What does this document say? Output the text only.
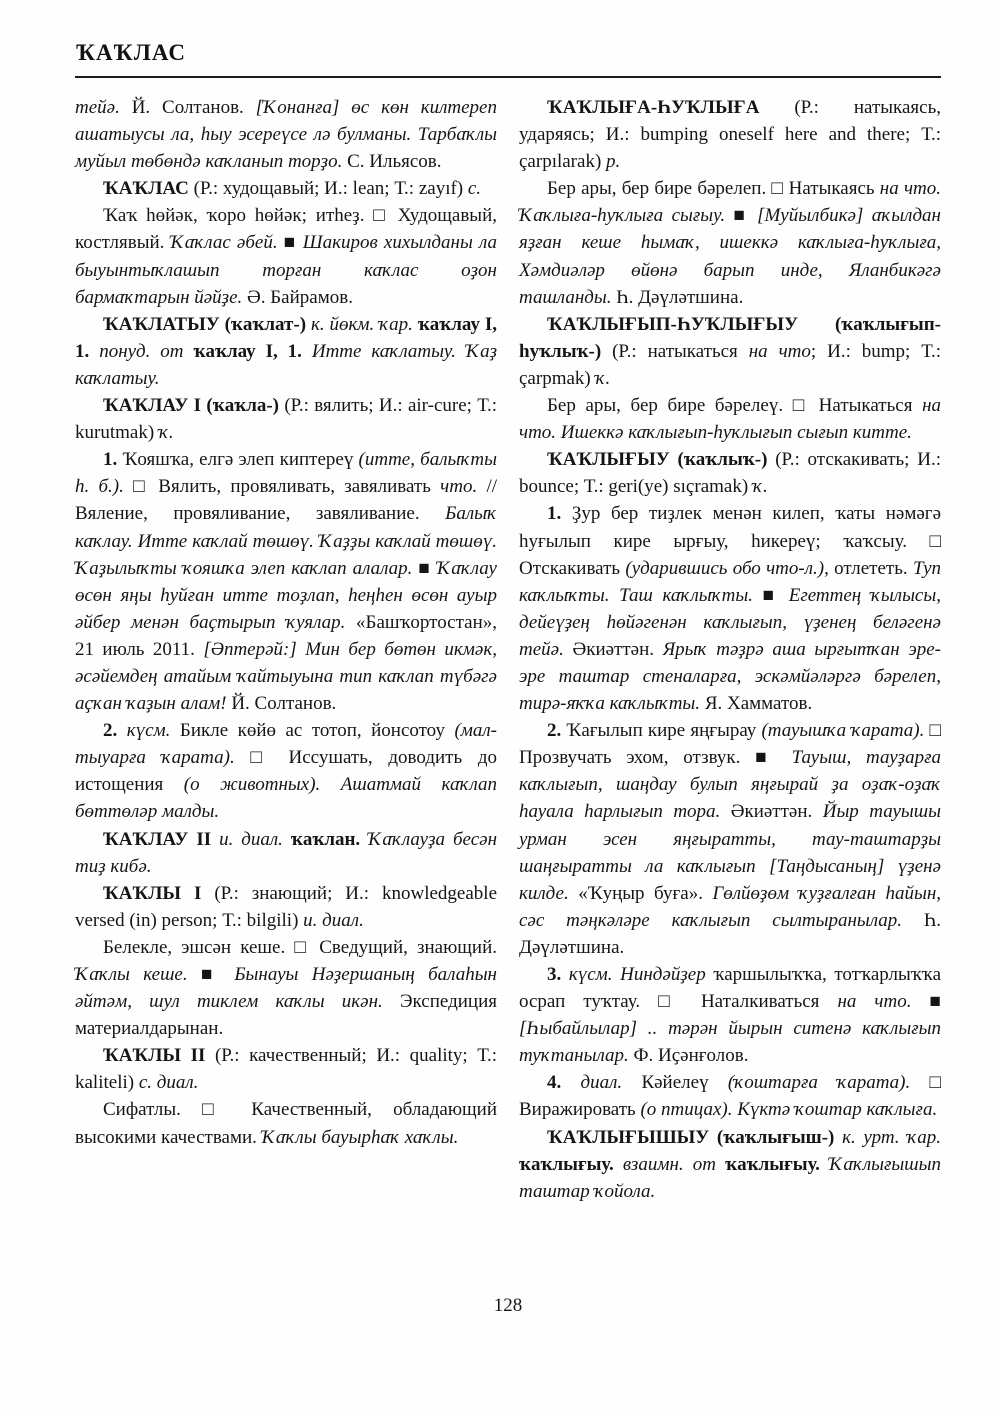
ҠАҠЛАС

тейә. Й. Солтанов. [Ҡонанға] өс көн килтереп ашатыусы ла, һыу эсереүсе лә булманы. Тарбаҡлы муйыл төбөндә каҡланып торҙо. С. Ильясов.

ҠАҠЛАС (Р.: худощавый; И.: lean; Т.: zayıf) с.

Ҡаҡ һөйәк, ҡоро һөйәк; итһеҙ. □ Худощавый, костлявый. Ҡаҡлас әбей. ■ Шакиров хихылданы ла быуынтыҡлашып торған каҡлас оҙон бармаҡтарын йәйҙе. Ә. Байрамов.

ҠАҠЛАТЫУ (ҡаҡлат-) к. йөкм. ҡар. ҡаҡлау I, 1. понуд. от ҡаҡлау I, 1. Итте каҡлатыу. Ҡаҙ каҡлатыу.

ҠАҠЛАУ I (ҡаҡла-) (Р.: вялить; И.: air-cure; Т.: kurutmak) ҡ.

1. Ҡояшҡа, елгә элеп киптереү (итте, балыҡты һ. б.). □ Вялить, провяливать, завяливать что. // Вяление, провяливание, завяливание. Балыҡ каҡлау. Итте каҡлай төшөү. Ҡаҙҙы каҡлай төшөү. Ҡаҙылыҡты ҡояшҡа элеп каҡлап алалар. ■ Ҡаҡлау өсөн яңы һуйған итте тоҙлап, һеңһен өсөн ауыр әйбер менән баҫтырып ҡуялар. «Башҡортостан», 21 июль 2011. [Әптерәй:] Мин бер бөтөн икмәк, әсәйемдең атайым ҡайтыуына тип каҡлап түбәгә аҫҡан ҡаҙын алам! Й. Солтанов.

2. күсм. Бикле көйө ас тотоп, йонсотоу (мал-тыуарға ҡарата). □ Иссушать, доводить до истощения (о животных). Ашатмай каҡлап бөттөләр малды.

ҠАҠЛАУ II и. диал. ҡаҡлан. Ҡаҡлауҙа бесән тиҙ кибә.

ҠАҠЛЫ I (Р.: знающий; И.: knowledgeable versed (in) person; Т.: bilgili) и. диал.

Белекле, эшсән кеше. □ Сведущий, знающий. Ҡаҡлы кеше. ■ Бынауы Нәҙершаның балаһын әйтәм, шул тиклем каҡлы икән. Экспедиция материалдарынан.

ҠАҠЛЫ II (Р.: качественный; И.: quality; Т.: kaliteli) с. диал.

Сифатлы. □ Качественный, обладающий высокими качествами. Ҡаҡлы бауырһаҡ хаҡлы.

ҠАҠЛЫҒА-ҺУҠЛЫҒА (Р.: натыкаясь, ударяясь; И.: bumping oneself here and there; Т.: çarpılarak) р.

Бер ары, бер бире бәрелеп. □ Натыкаясь на что. Ҡаҡлыға-һуҡлыға сығыу. ■ [Муйылбикә] аҡылдан яҙған кеше һымаҡ, ишеккә каҡлыға-һуҡлыға, Хәмдиәләр өйөнә барып инде, Яланбикәгә ташланды. Һ. Дәүләтшина.

ҠАҠЛЫҒЫП-ҺУҠЛЫҒЫУ (ҡаҡлығып-һуҡлыҡ-) (Р.: натыкаться на что; И.: bump; Т.: çarpmak) ҡ.

Бер ары, бер бире бәрелеү. □ Натыкаться на что. Ишеккә каҡлығып-һуҡлығып сығып китте.

ҠАҠЛЫҒЫУ (ҡаҡлыҡ-) (Р.: отскакивать; И.: bounce; Т.: geri(ye) sıçramak) ҡ.

1. Ҙур бер тиҙлек менән килеп, ҡаты нәмәгә һуғылып кире ырғыу, һикереү; ҡаҡсыу. □ Отскакивать (ударившись обо что-л.), отлететь. Туп каҡлыҡты. Таш каҡлыҡты. ■ Егеттең ҡылысы, дейеүҙең һөйәгенән каҡлығып, үҙенең беләгенә тейә. Әкиәттән. Ярыҡ тәҙрә аша ырғытҡан эре-эре таштар стеналарға, эскәмйәләргә бәрелеп, тирә-яҡҡа каҡлыҡты. Я. Хамматов.

2. Ҡағылып кире яңғырау (тауышҡа ҡарата). □ Прозвучать эхом, отзвук. ■ Тауыш, тауҙарға каҡлығып, шаңдау булып яңғырай ҙа оҙаҡ-оҙаҡ һауала һарлығып тора. Әкиәттән. Йыр тауышы урман эсен яңғыратты, тау-таштарҙы шаңғыратты ла каҡлығып [Таңдысаның] үҙенә килде. «Ҡуңыр буға». Гөлйөҙөм ҡуҙғалған һайын, сәс тәңкәләре каҡлығып сылтыранылар. Һ. Дәүләтшина.

3. күсм. Ниндәйҙер ҡаршылыҡҡа, тотҡарлыҡҡа осрап туҡтау. □ Наталкиваться на что. ■ [Һыбайлылар] .. тәрән йырын ситенә каҡлығып туҡтанылар. Ф. Иҫәнғолов.

4. диал. Кәйелеү (ҡоштарға ҡарата). □ Виражировать (о птицах). Күктә ҡоштар каҡлыға.

ҠАҠЛЫҒЫШЫУ (ҡаҡлығыш-) к. урт. ҡар. ҡаҡлығыу. взаимн. от ҡаҡлығыу. Ҡаҡлығышып таштар ҡойола.

128
